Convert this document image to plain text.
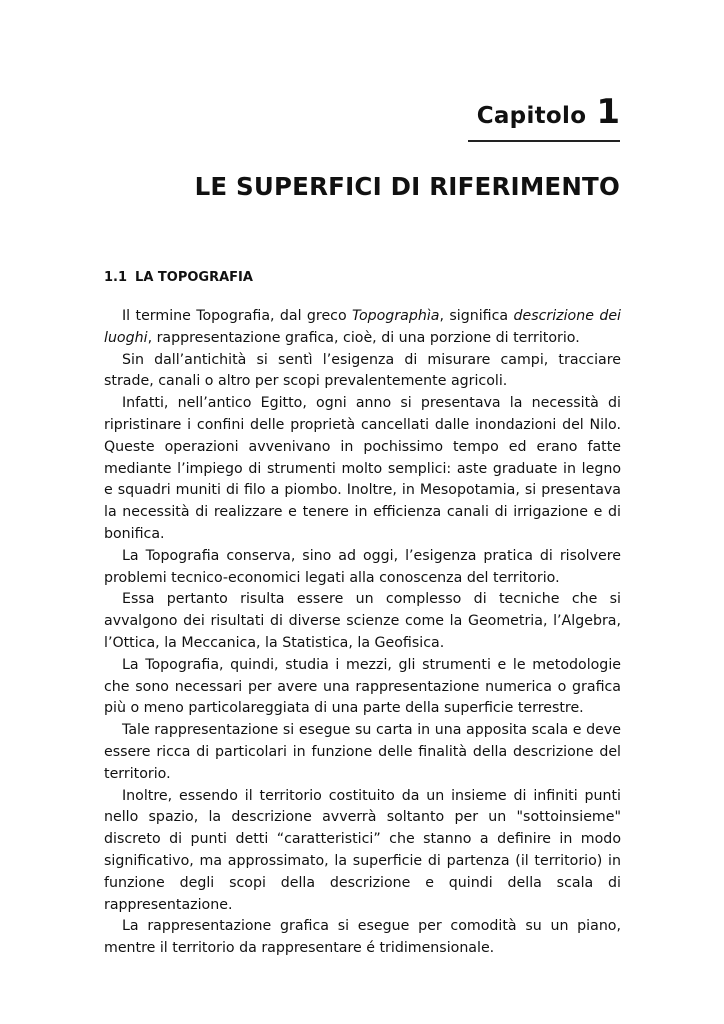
Capitolo 1
LE SUPERFICI DI RIFERIMENTO
1.1 LA TOPOGRAFIA

Il termine Topografia, dal greco Topographìa, significa descrizione dei luoghi, rappresentazione grafica, cioè, di una porzione di territorio.

Sin dall’antichità si sentì l’esigenza di misurare campi, tracciare strade, canali o altro per scopi prevalentemente agricoli.

Infatti, nell’antico Egitto, ogni anno si presentava la necessità di ripristinare i confini delle proprietà cancellati dalle inondazioni del Nilo. Queste operazioni avvenivano in pochissimo tempo ed erano fatte mediante l’impiego di strumenti molto semplici: aste graduate in legno e squadri muniti di filo a piombo. Inoltre, in Mesopotamia, si presentava la necessità di realizzare e tenere in efficienza canali di irrigazione e di bonifica.

La Topografia conserva, sino ad oggi, l’esigenza pratica di risolvere problemi tecnico-economici legati alla conoscenza del territorio.

Essa pertanto risulta essere un complesso di tecniche che si avvalgono dei risultati di diverse scienze come la Geometria, l’Algebra, l’Ottica, la Meccanica, la Statistica, la Geofisica.

La Topografia, quindi, studia i mezzi, gli strumenti e le metodologie che sono necessari per avere una rappresentazione numerica o grafica più o meno particolareggiata di una parte della superficie terrestre.

Tale rappresentazione si esegue su carta in una apposita scala e deve essere ricca di particolari in funzione delle finalità della descrizione del territorio.

Inoltre, essendo il territorio costituito da un insieme di infiniti punti nello spazio, la descrizione avverrà soltanto per un "sottoinsieme" discreto di punti detti “caratteristici” che stanno a definire in modo significativo, ma approssimato, la superficie di partenza (il territorio) in funzione degli scopi della descrizione e quindi della scala di rappresentazione.

La rappresentazione grafica si esegue per comodità su un piano, mentre il territorio da rappresentare é tridimensionale.
